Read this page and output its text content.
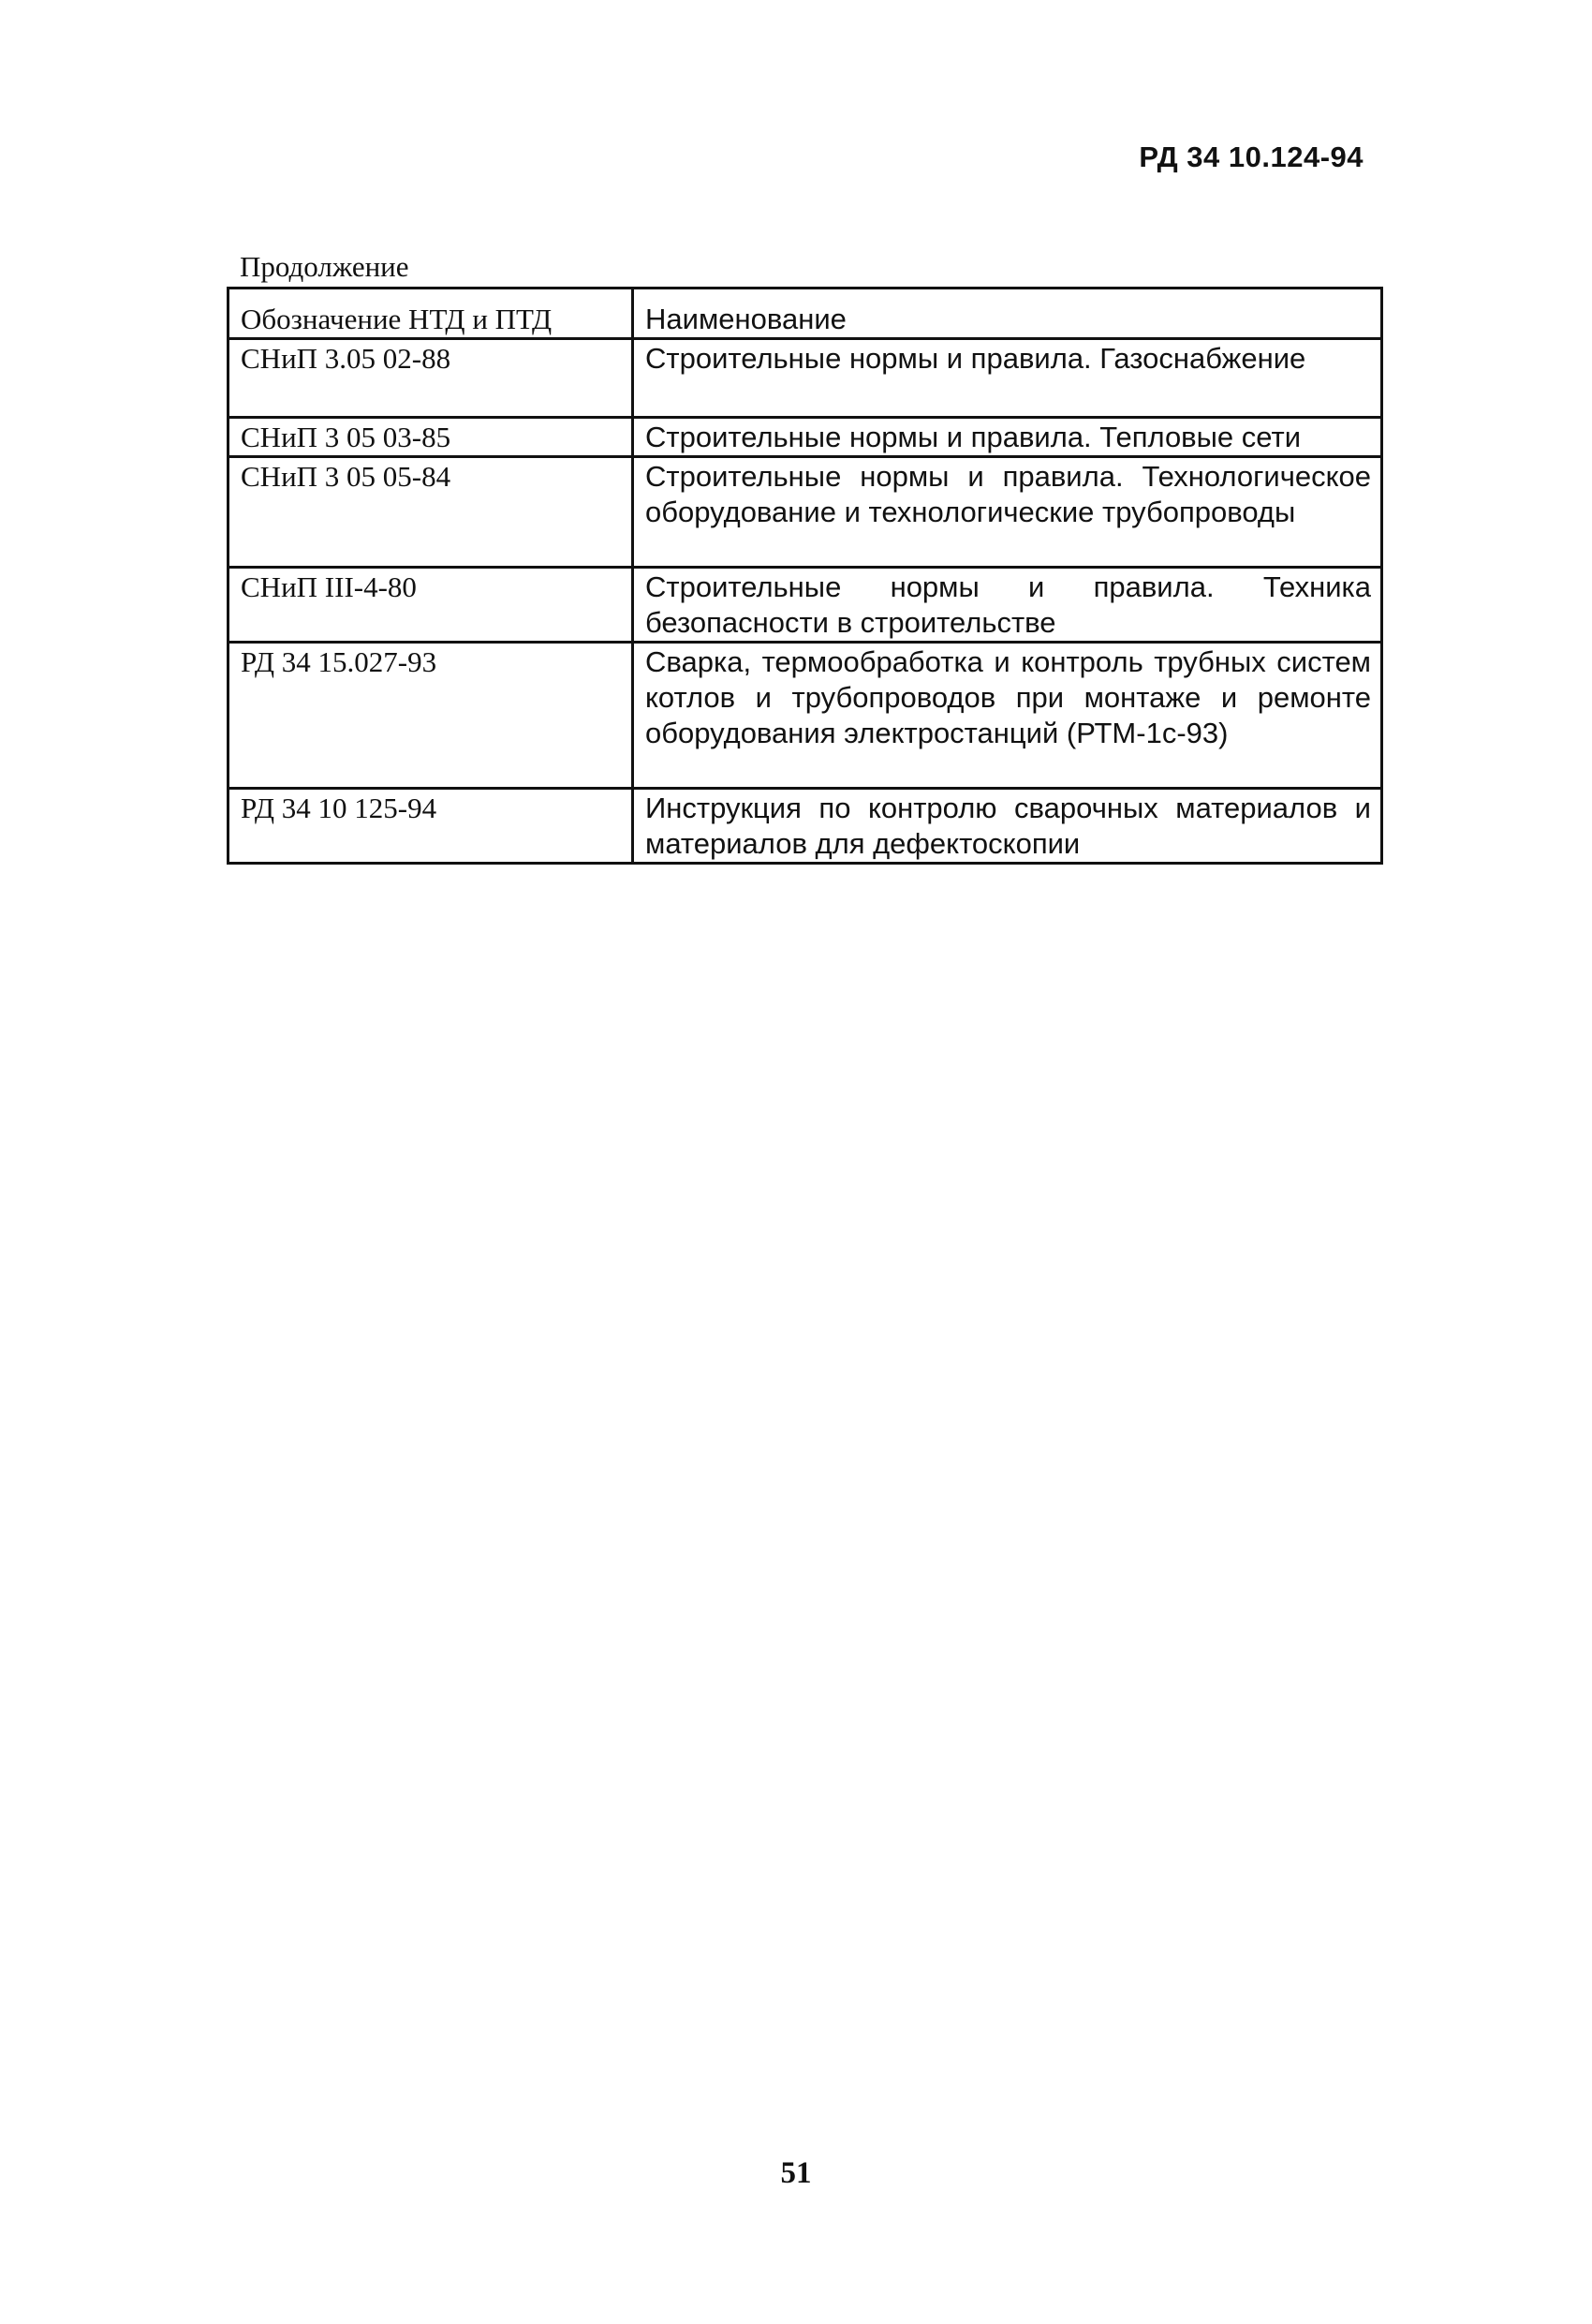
РД 34 10.124-94
Продолжение
Обозначение НТД и ПТД	Наименование
СНиП 3.05 02-88	Строительные нормы и правила. Газоснабжение
СНиП 3 05 03-85	Строительные нормы и правила. Тепловые сети
СНиП 3 05 05-84	Строительные нормы и правила. Технологическое оборудование и технологические трубопроводы
СНиП III-4-80	Строительные нормы и правила. Техника безопасности в строительстве
РД 34 15.027-93	Сварка, термообработка и контроль трубных систем котлов и трубопроводов при монтаже и ремонте оборудования электростанций (РТМ-1с-93)
РД 34 10 125-94	Инструкция по контролю сварочных материалов и материалов для дефектоскопии
51
